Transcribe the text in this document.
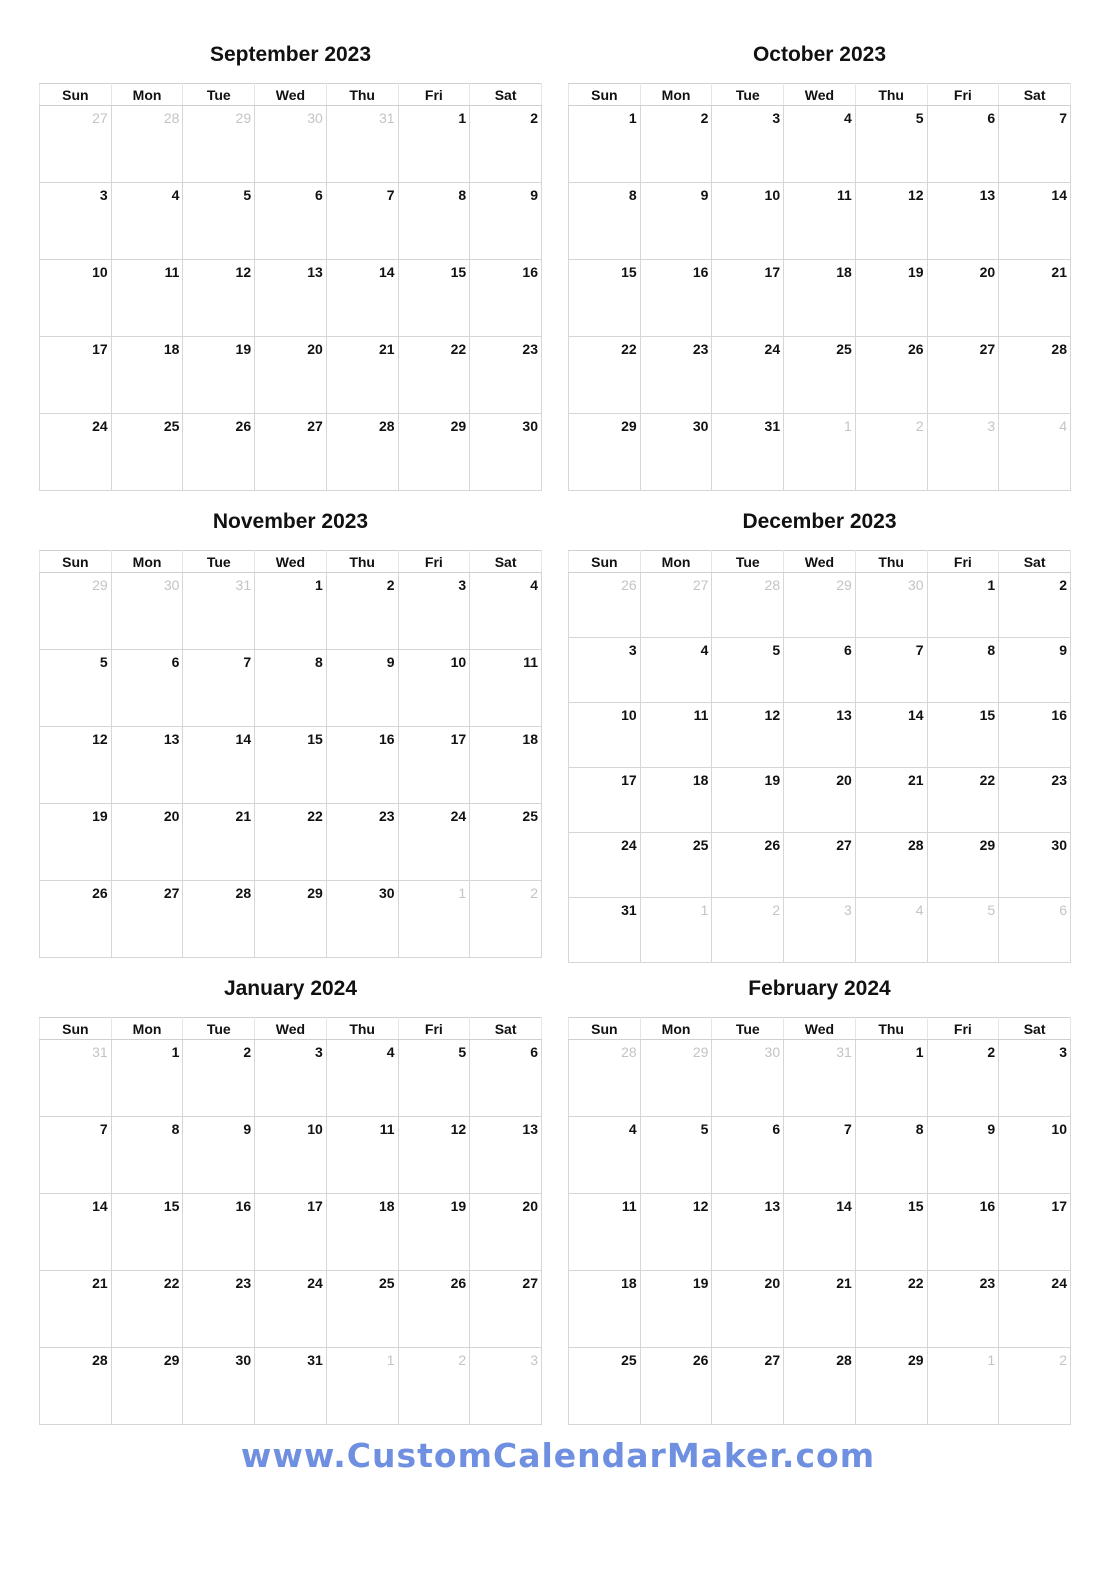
September 2023
Sun	Mon	Tue	Wed	Thu	Fri	Sat
27	28	29	30	31	1	2
3	4	5	6	7	8	9
10	11	12	13	14	15	16
17	18	19	20	21	22	23
24	25	26	27	28	29	30
October 2023
Sun	Mon	Tue	Wed	Thu	Fri	Sat
1	2	3	4	5	6	7
8	9	10	11	12	13	14
15	16	17	18	19	20	21
22	23	24	25	26	27	28
29	30	31	1	2	3	4
November 2023
Sun	Mon	Tue	Wed	Thu	Fri	Sat
29	30	31	1	2	3	4
5	6	7	8	9	10	11
12	13	14	15	16	17	18
19	20	21	22	23	24	25
26	27	28	29	30	1	2
December 2023
Sun	Mon	Tue	Wed	Thu	Fri	Sat
26	27	28	29	30	1	2
3	4	5	6	7	8	9
10	11	12	13	14	15	16
17	18	19	20	21	22	23
24	25	26	27	28	29	30
31	1	2	3	4	5	6
January 2024
Sun	Mon	Tue	Wed	Thu	Fri	Sat
31	1	2	3	4	5	6
7	8	9	10	11	12	13
14	15	16	17	18	19	20
21	22	23	24	25	26	27
28	29	30	31	1	2	3
February 2024
Sun	Mon	Tue	Wed	Thu	Fri	Sat
28	29	30	31	1	2	3
4	5	6	7	8	9	10
11	12	13	14	15	16	17
18	19	20	21	22	23	24
25	26	27	28	29	1	2
www.CustomCalendarMaker.com
